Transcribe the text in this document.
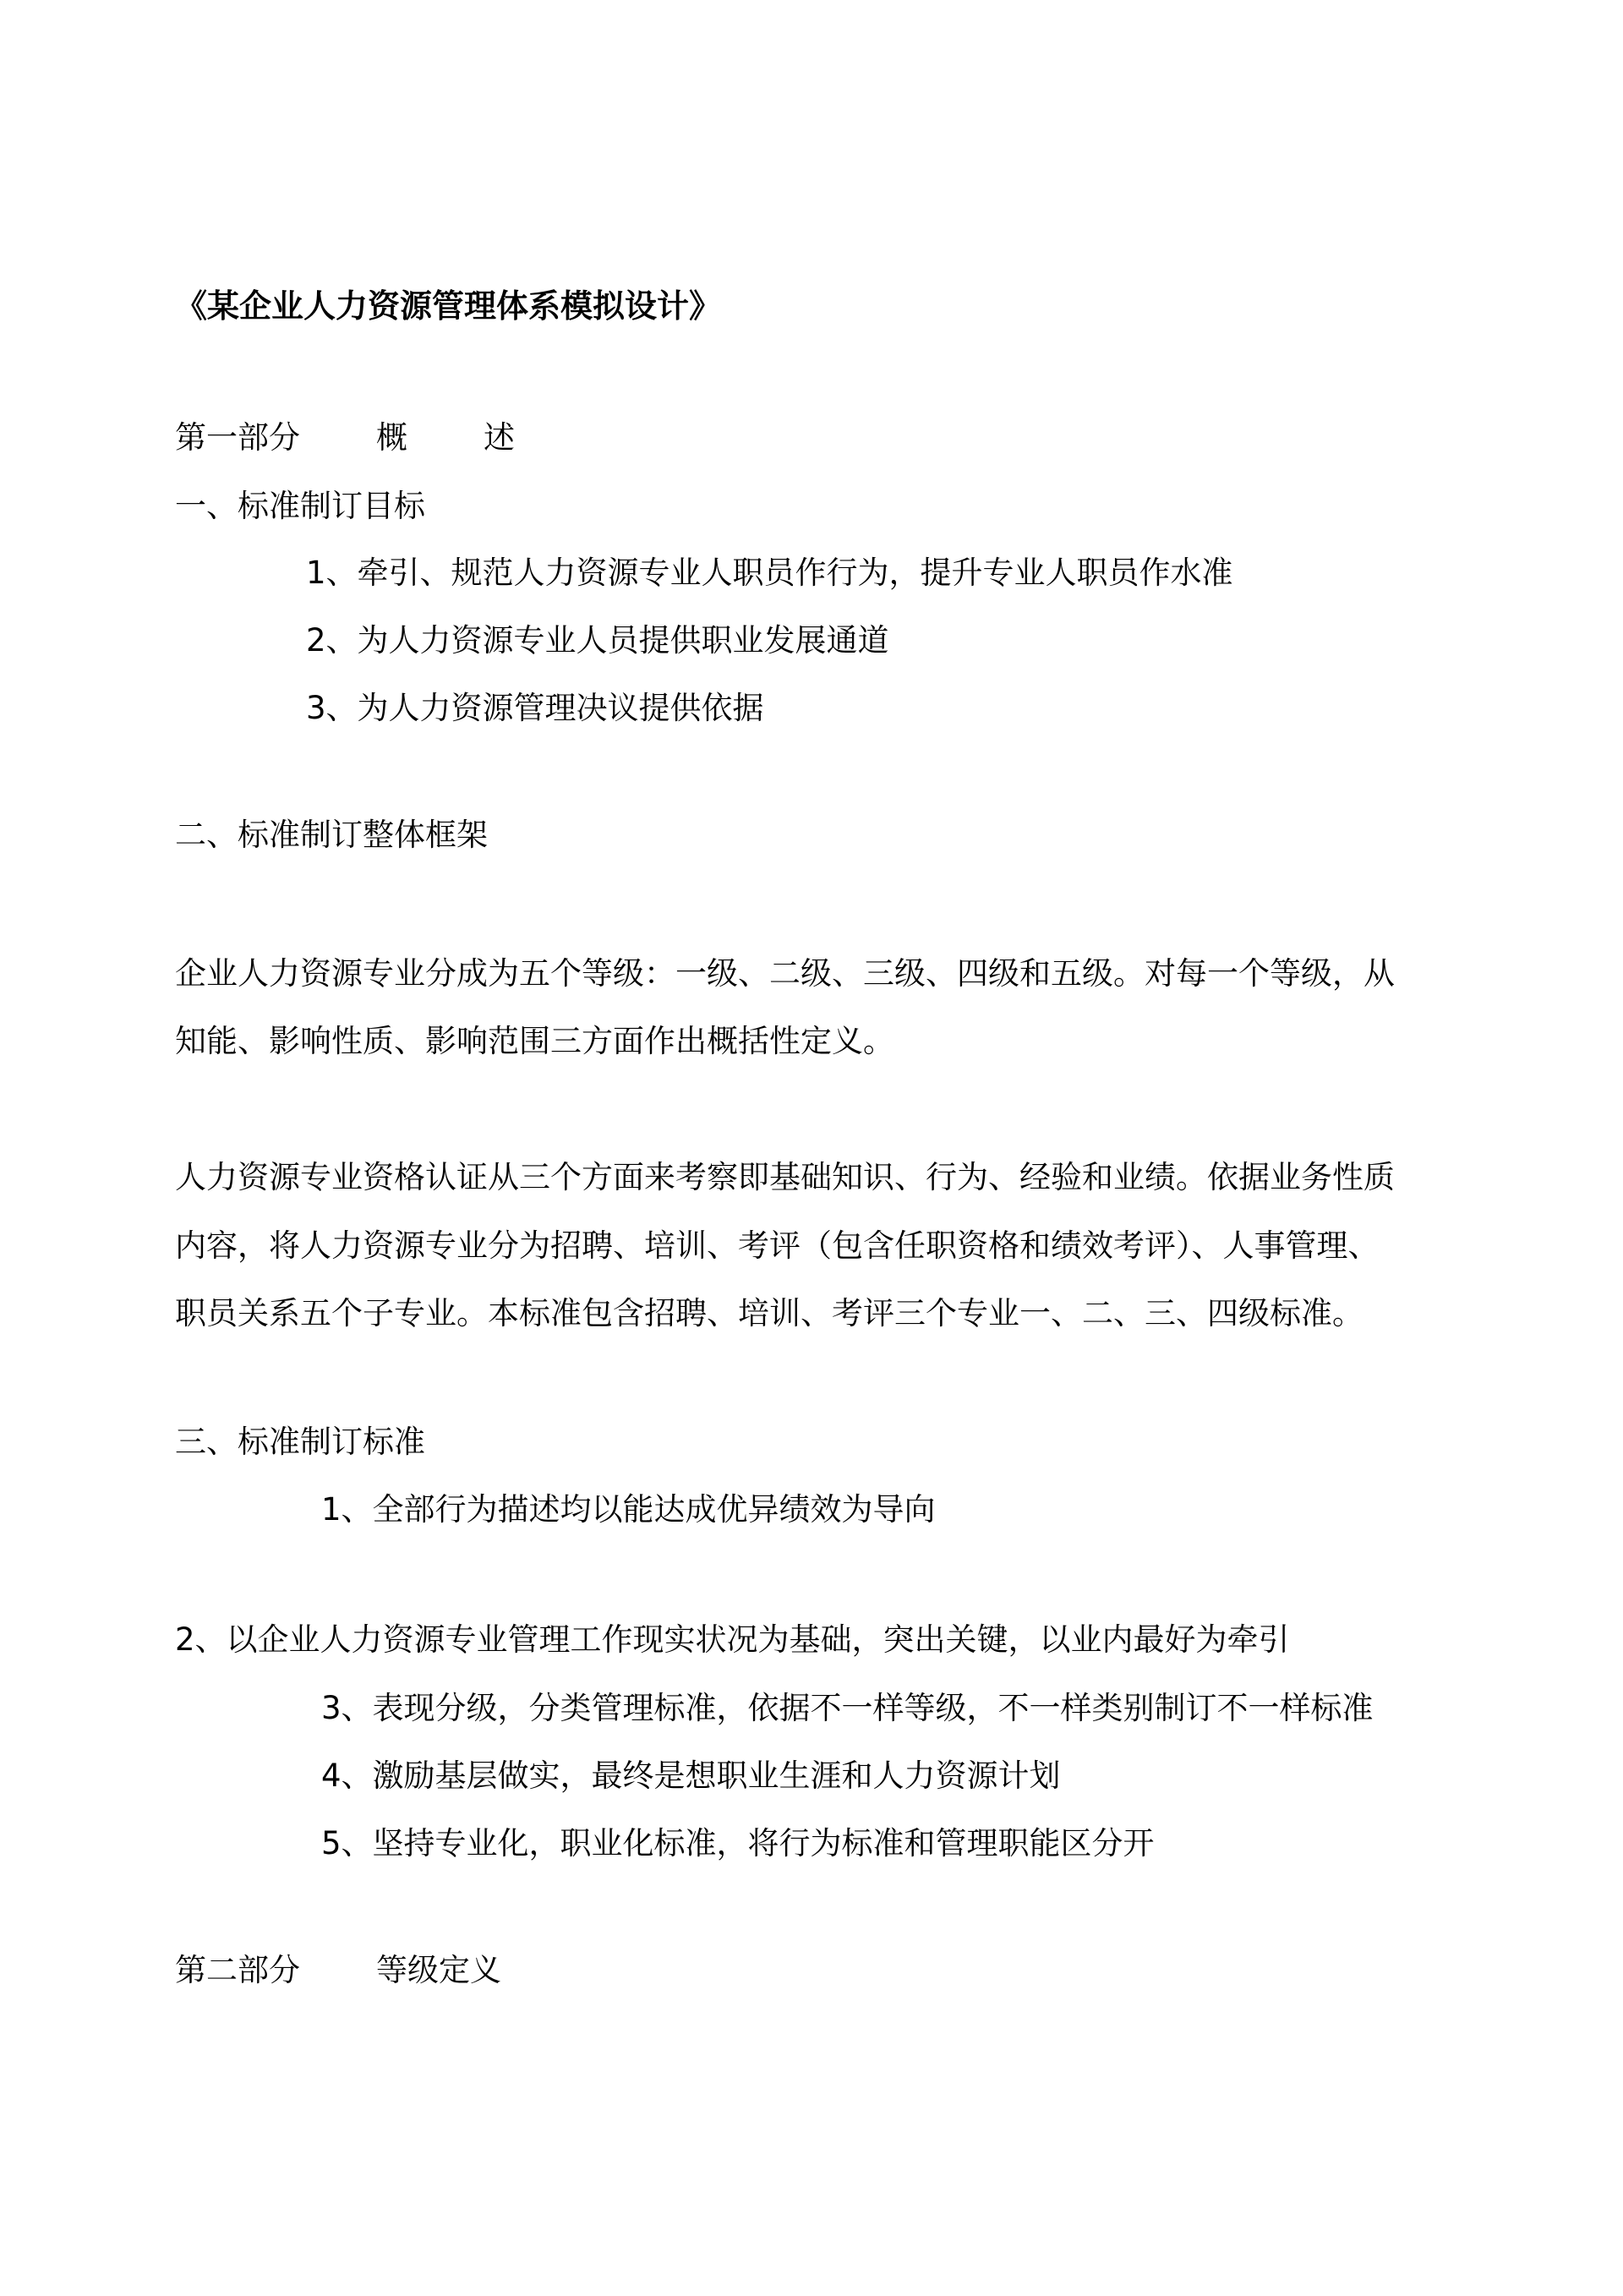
《某企业人力资源管理体系模拟设计》
第一部分 概 述
一、标准制订目标
1、牵引、规范人力资源专业人职员作行为，提升专业人职员作水准
2、为人力资源专业人员提供职业发展通道
3、为人力资源管理决议提供依据
二、标准制订整体框架
企业人力资源专业分成为五个等级：一级、二级、三级、四级和五级。对每一个等级，从
知能、影响性质、影响范围三方面作出概括性定义。
人力资源专业资格认证从三个方面来考察即基础知识、行为、经验和业绩。依据业务性质
内容，将人力资源专业分为招聘、培训、考评（包含任职资格和绩效考评）、人事管理、
职员关系五个子专业。本标准包含招聘、培训、考评三个专业一、二、三、四级标准。
三、标准制订标准
1、全部行为描述均以能达成优异绩效为导向
2、以企业人力资源专业管理工作现实状况为基础，突出关键，以业内最好为牵引
3、表现分级，分类管理标准，依据不一样等级，不一样类别制订不一样标准
4、激励基层做实，最终是想职业生涯和人力资源计划
5、坚持专业化，职业化标准，将行为标准和管理职能区分开
第二部分 等级定义
